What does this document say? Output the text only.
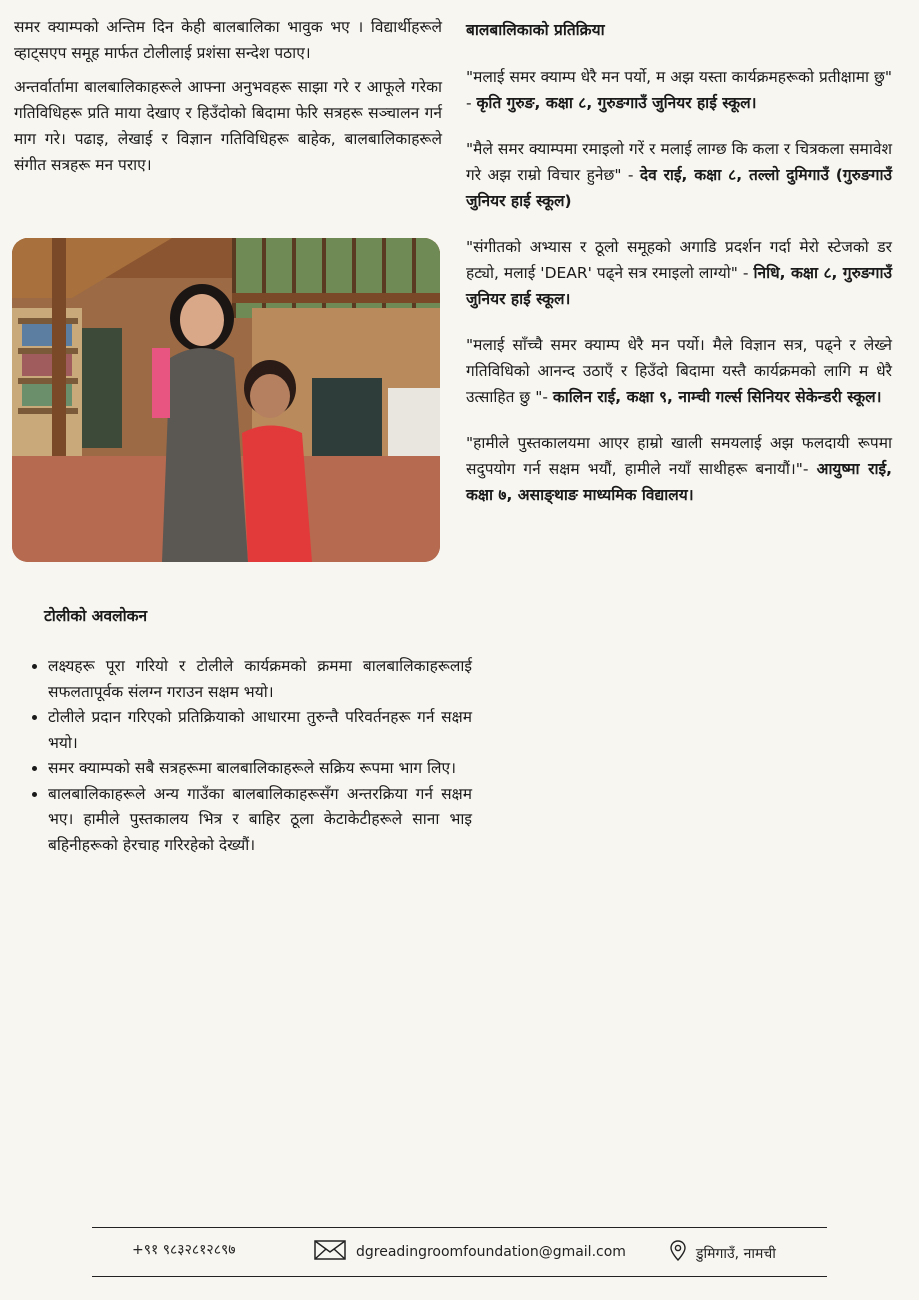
समर क्याम्पको अन्तिम दिन केही बालबालिका भावुक भए । विद्यार्थीहरूले व्हाट्सएप समूह मार्फत टोलीलाई प्रशंसा सन्देश पठाए।

अन्तर्वार्तामा बालबालिकाहरूले आफ्ना अनुभवहरू साझा गरे र आफूले गरेका गतिविधिहरू प्रति माया देखाए र हिउँदोको बिदामा फेरि सत्रहरू सञ्चालन गर्न माग गरे। पढाइ, लेखाई र विज्ञान गतिविधिहरू बाहेक, बालबालिकाहरूले संगीत सत्रहरू मन पराए।

टोलीको अवलोकन
• लक्ष्यहरू पूरा गरियो र टोलीले कार्यक्रमको क्रममा बालबालिकाहरूलाई सफलतापूर्वक संलग्न गराउन सक्षम भयो।
• टोलीले प्रदान गरिएको प्रतिक्रियाको आधारमा तुरुन्तै परिवर्तनहरू गर्न सक्षम भयो।
• समर क्याम्पको सबै सत्रहरूमा बालबालिकाहरूले सक्रिय रूपमा भाग लिए।
• बालबालिकाहरूले अन्य गाउँका बालबालिकाहरूसँग अन्तरक्रिया गर्न सक्षम भए। हामीले पुस्तकालय भित्र र बाहिर ठूला केटाकेटीहरूले साना भाइ बहिनीहरूको हेरचाह गरिरहेको देख्यौं।
बालबालिकाको प्रतिक्रिया

"मलाई समर क्याम्प धेरै मन पर्यो, म अझ यस्ता कार्यक्रमहरूको प्रतीक्षामा छु" - कृति गुरुङ, कक्षा ८, गुरुङगाउँ जुनियर हाई स्कूल।

"मैले समर क्याम्पमा रमाइलो गरें र मलाई लाग्छ कि कला र चित्रकला समावेश गरे अझ राम्रो विचार हुनेछ" - देव राई, कक्षा ८, तल्लो दुमिगाउँ (गुरुङगाउँ जुनियर हाई स्कूल)

"संगीतको अभ्यास र ठूलो समूहको अगाडि प्रदर्शन गर्दा मेरो स्टेजको डर हट्यो, मलाई 'DEAR' पढ्ने सत्र रमाइलो लाग्यो" - निधि, कक्षा ८, गुरुङगाउँ जुनियर हाई स्कूल।

"मलाई साँच्चै समर क्याम्प धेरै मन पर्यो। मैले विज्ञान सत्र, पढ्ने र लेख्ने गतिविधिको आनन्द उठाएँ र हिउँदो बिदामा यस्तै कार्यक्रमको लागि म धेरै उत्साहित छु "- कालिन राई, कक्षा ९, नाम्ची गर्ल्स सिनियर सेकेन्डरी स्कूल।

"हामीले पुस्तकालयमा आएर हाम्रो खाली समयलाई अझ फलदायी रूपमा सदुपयोग गर्न सक्षम भयौं, हामीले नयाँ साथीहरू बनायौं।"- आयुष्मा राई, कक्षा ७, असाङ्थाङ माध्यमिक विद्यालय।

+९१ ९८३२८१२८९७	dgreadingroomfoundation@gmail.com	डुमिगाउँ, नामची
